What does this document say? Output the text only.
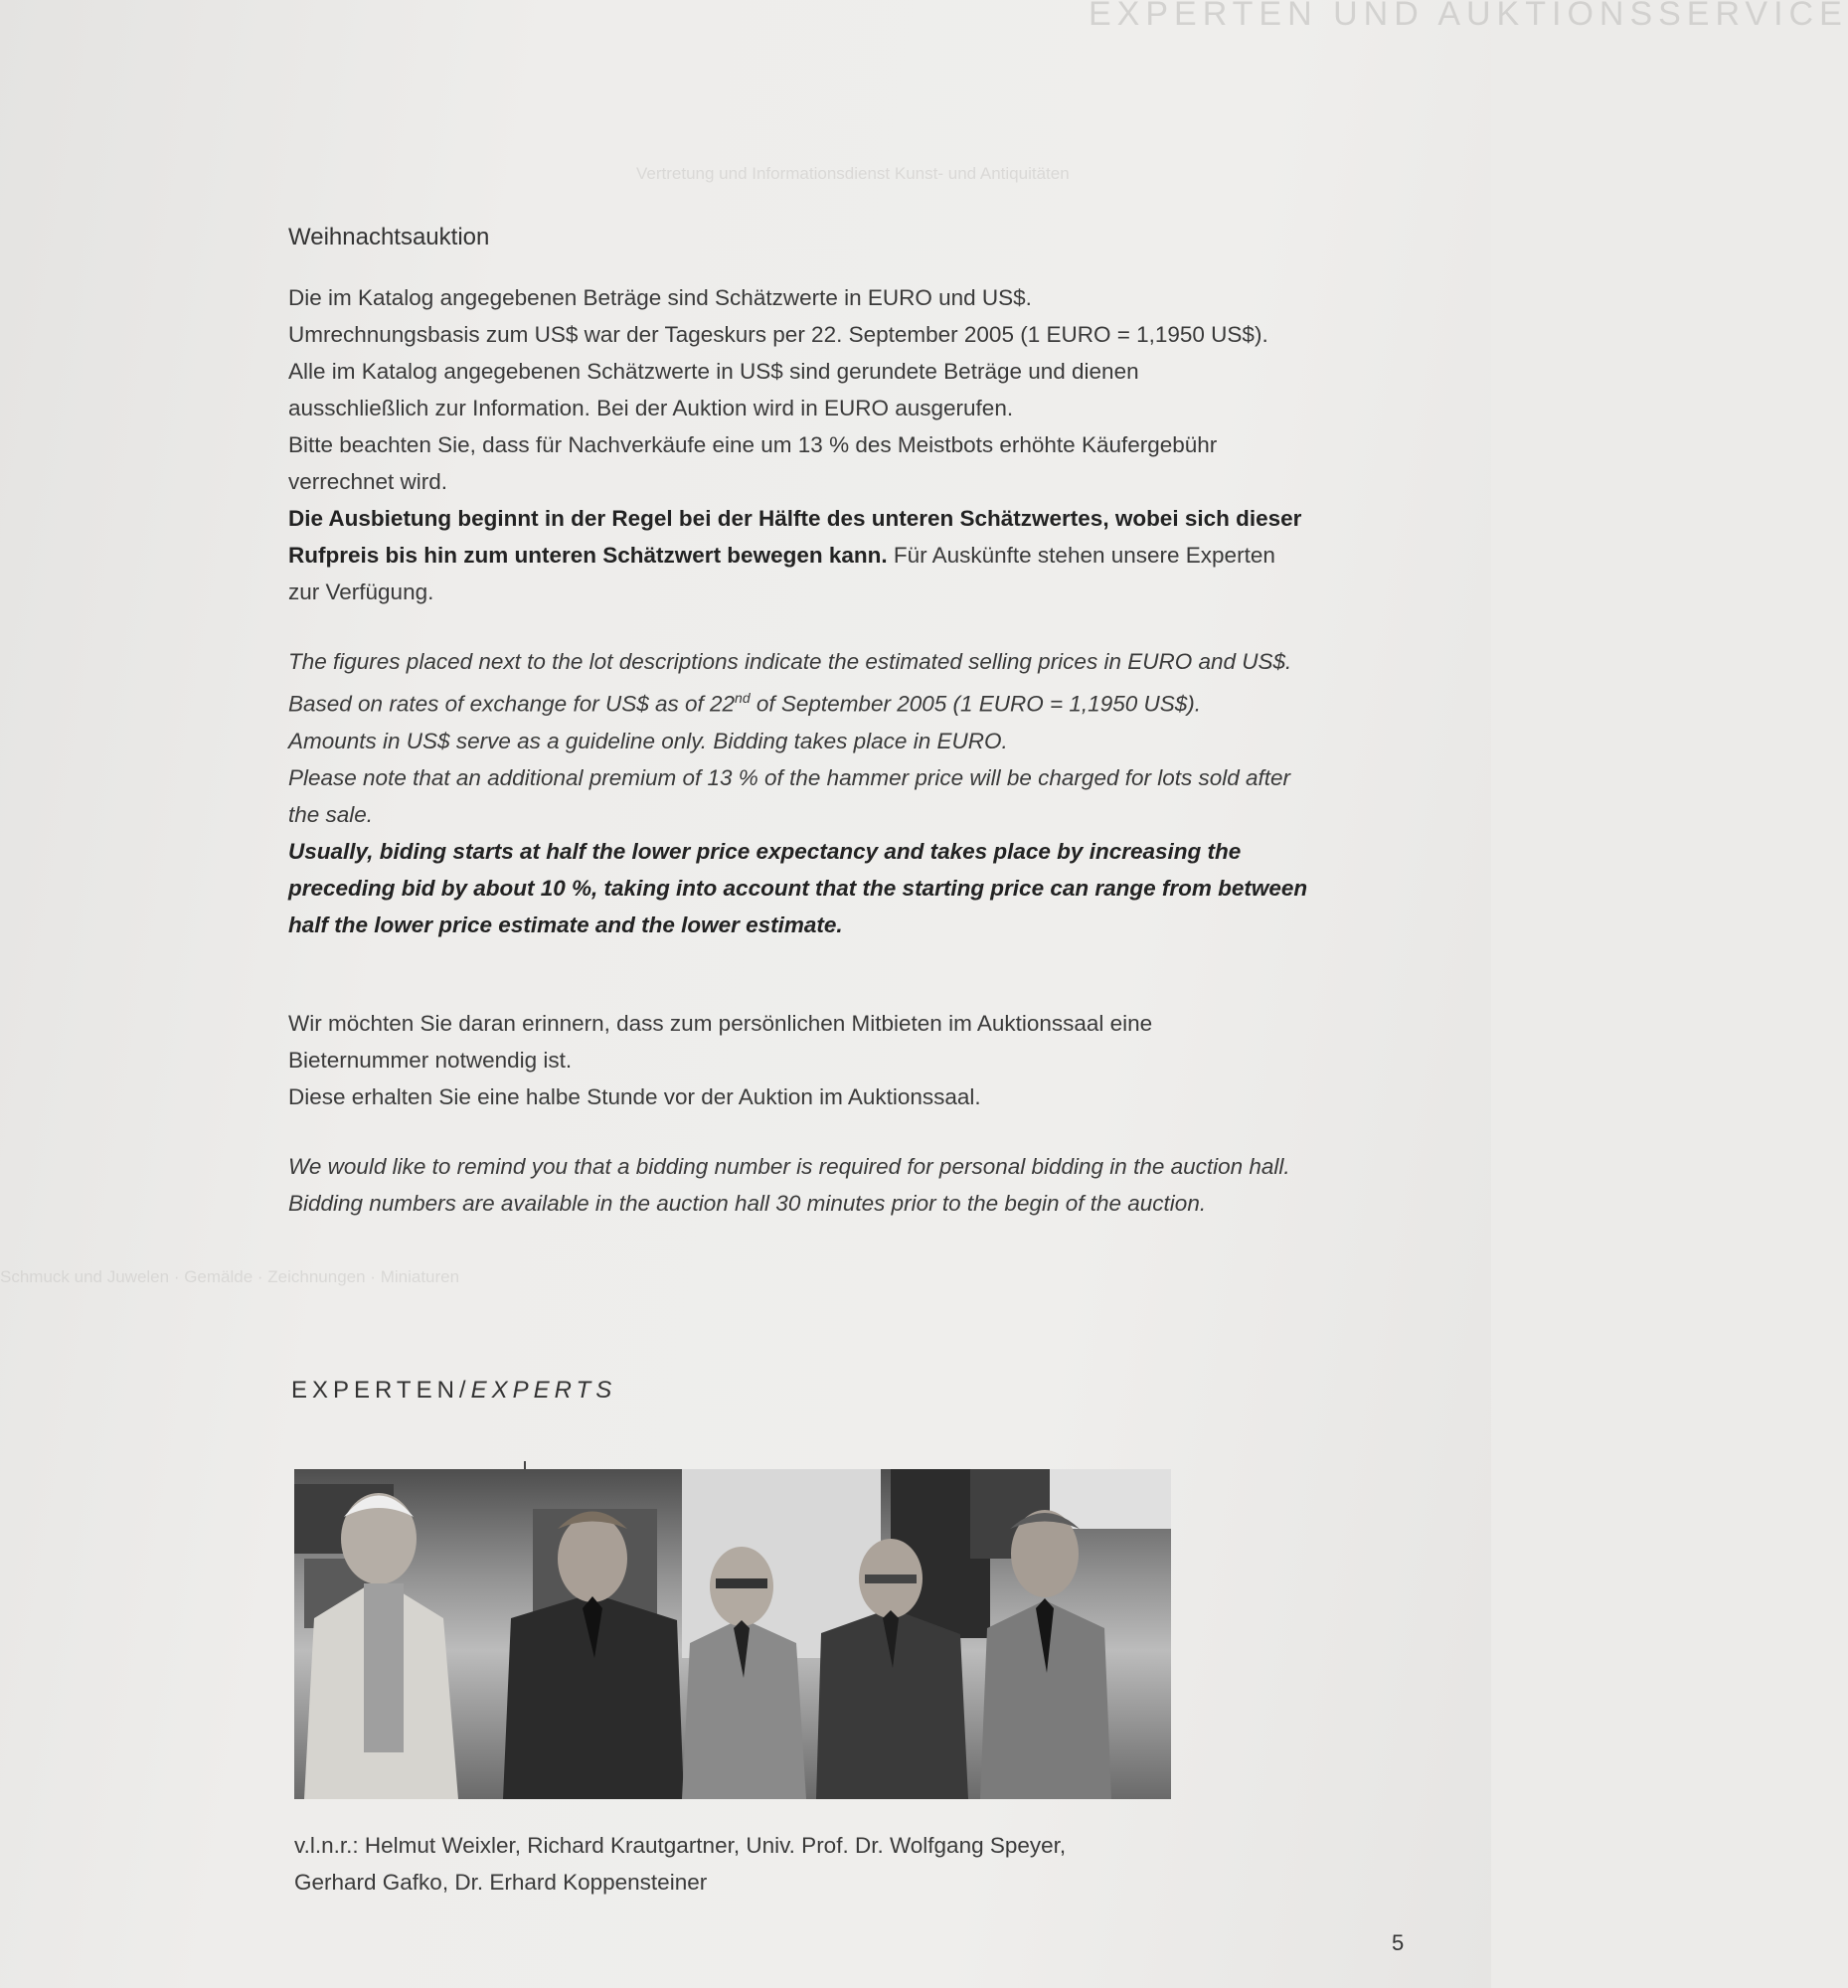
EXPERTEN UND AUKTIONSSERVICE
Vertretung und Informationsdienst Kunst- und Antiquitäten
Schmuck und Juwelen · Gemälde · Zeichnungen · Miniaturen
Weihnachtsauktion

Die im Katalog angegebenen Beträge sind Schätzwerte in EURO und US$.

Umrechnungsbasis zum US$ war der Tageskurs per 22. September 2005 (1 EURO = 1,1950 US$).

Alle im Katalog angegebenen Schätzwerte in US$ sind gerundete Beträge und dienen

ausschließlich zur Information. Bei der Auktion wird in EURO ausgerufen.

Bitte beachten Sie, dass für Nachverkäufe eine um 13 % des Meistbots erhöhte Käufergebühr

verrechnet wird.

Die Ausbietung beginnt in der Regel bei der Hälfte des unteren Schätzwertes, wobei sich dieser

Rufpreis bis hin zum unteren Schätzwert bewegen kann. Für Auskünfte stehen unsere Experten

zur Verfügung.

The figures placed next to the lot descriptions indicate the estimated selling prices in EURO and US$.

Based on rates of exchange for US$ as of 22nd of September 2005 (1 EURO = 1,1950 US$).

Amounts in US$ serve as a guideline only. Bidding takes place in EURO.

Please note that an additional premium of 13 % of the hammer price will be charged for lots sold after

the sale.

Usually, biding starts at half the lower price expectancy and takes place by increasing the

preceding bid by about 10 %, taking into account that the starting price can range from between

half the lower price estimate and the lower estimate.

Wir möchten Sie daran erinnern, dass zum persönlichen Mitbieten im Auktionssaal eine

Bieternummer notwendig ist.

Diese erhalten Sie eine halbe Stunde vor der Auktion im Auktionssaal.

We would like to remind you that a bidding number is required for personal bidding in the auction hall.

Bidding numbers are available in the auction hall 30 minutes prior to the begin of the auction.

EXPERTEN/EXPERTS
v.l.n.r.: Helmut Weixler, Richard Krautgartner, Univ. Prof. Dr. Wolfgang Speyer,
Gerhard Gafko, Dr. Erhard Koppensteiner
5
